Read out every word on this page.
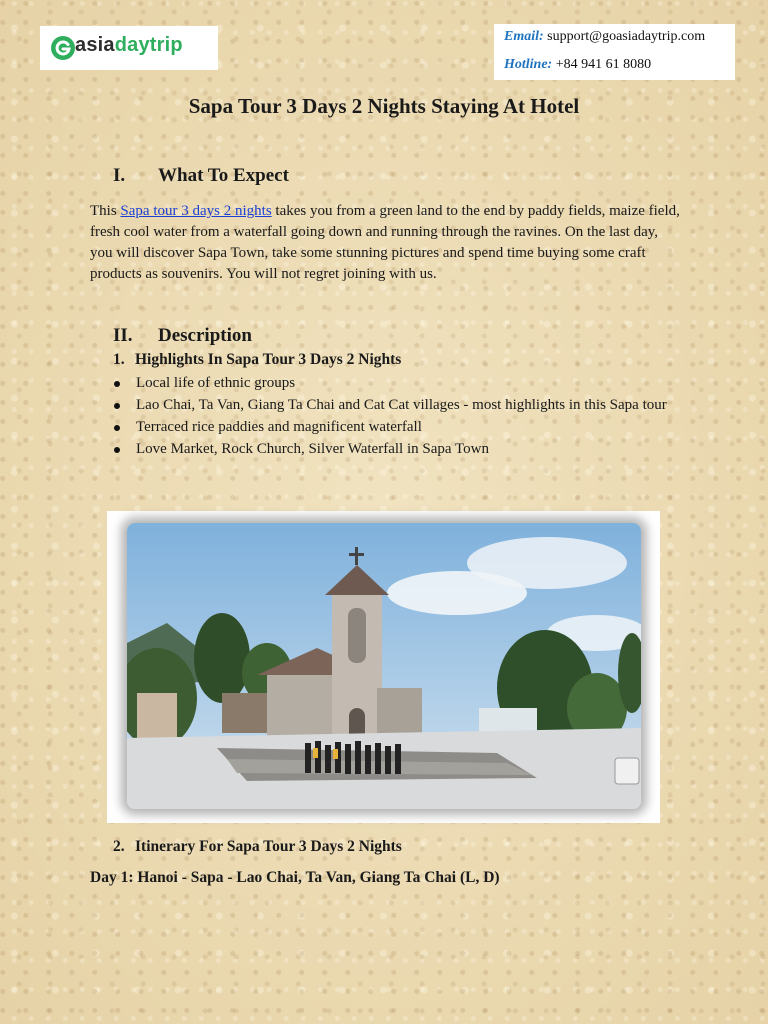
asiadaytrip	Email: support@goasiadaytrip.com
Hotline: +84 941 61 8080
Sapa Tour 3 Days 2 Nights Staying At Hotel
I. What To Expect

This Sapa tour 3 days 2 nights takes you from a green land to the end by paddy fields, maize field, fresh cool water from a waterfall going down and running through the ravines. On the last day, you will discover Sapa Town, take some stunning pictures and spend time buying some craft products as souvenirs. You will not regret joining with us.

II. Description
1. Highlights In Sapa Tour 3 Days 2 Nights
Local life of ethnic groups
Lao Chai, Ta Van, Giang Ta Chai and Cat Cat villages - most highlights in this Sapa tour
Terraced rice paddies and magnificent waterfall
Love Market, Rock Church, Silver Waterfall in Sapa Town
2. Itinerary For Sapa Tour 3 Days 2 Nights
Day 1: Hanoi - Sapa - Lao Chai, Ta Van, Giang Ta Chai (L, D)
